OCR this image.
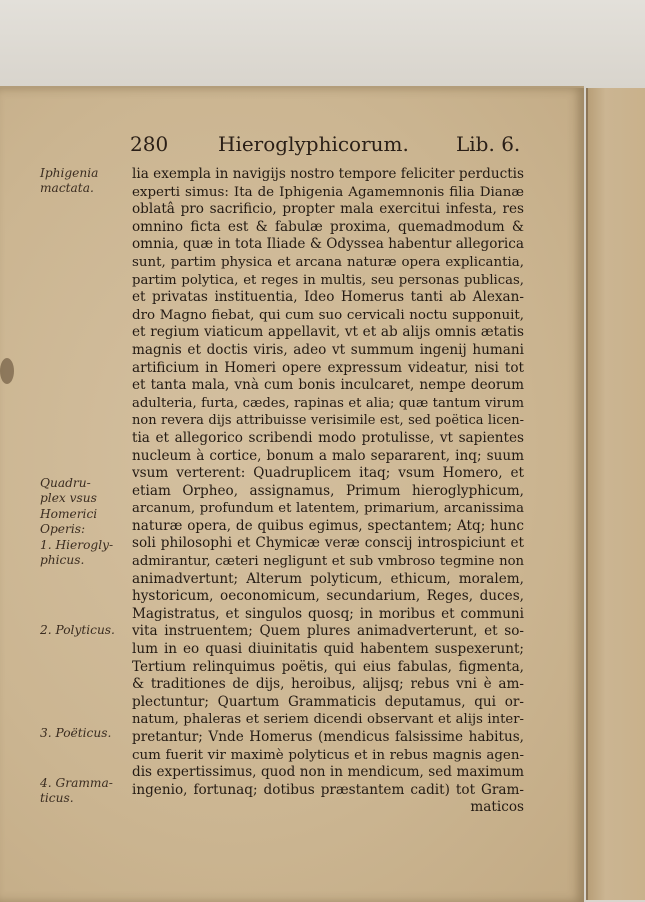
280 Hieroglyphicorum. Lib. 6.
Iphigenia
mactata.
Quadru-
plex vsus
Homerici
Operis:
1. Hierogly-
phicus.
2. Polyticus.
3. Poëticus.
4. Gramma-
ticus.
lia exempla in navigijs nostro tempore feliciter perductis
experti simus: Ita de Iphigenia Agamemnonis filia Dianæ
oblatâ pro sacrificio, propter mala exercitui infesta, res
omnino ficta est & fabulæ proxima, quemadmodum &
omnia, quæ in tota Iliade & Odyssea habentur allegorica
sunt, partim physica et arcana naturæ opera explicantia,
partim polytica, et reges in multis, seu personas publicas,
et privatas instituentia, Ideo Homerus tanti ab Alexan-
dro Magno fiebat, qui cum suo cervicali noctu supponuit,
et regium viaticum appellavit, vt et ab alijs omnis ætatis
magnis et doctis viris, adeo vt summum ingenij humani
artificium in Homeri opere expressum videatur, nisi tot
et tanta mala, vnà cum bonis inculcaret, nempe deorum
adulteria, furta, cædes, rapinas et alia; quæ tantum virum
non revera dijs attribuisse verisimile est, sed poëtica licen-
tia et allegorico scribendi modo protulisse, vt sapientes
nucleum à cortice, bonum a malo separarent, inq; suum
vsum verterent: Quadruplicem itaq; vsum Homero, et
etiam Orpheo, assignamus, Primum hieroglyphicum,
arcanum, profundum et latentem, primarium, arcanissima
naturæ opera, de quibus egimus, spectantem; Atq; hunc
soli philosophi et Chymicæ veræ conscij introspiciunt et
admirantur, cæteri negligunt et sub vmbroso tegmine non
animadvertunt; Alterum polyticum, ethicum, moralem,
hystoricum, oeconomicum, secundarium, Reges, duces,
Magistratus, et singulos quosq; in moribus et communi
vita instruentem; Quem plures animadverterunt, et so-
lum in eo quasi diuinitatis quid habentem suspexerunt;
Tertium relinquimus poëtis, qui eius fabulas, figmenta,
& traditiones de dijs, heroibus, alijsq; rebus vni è am-
plectuntur; Quartum Grammaticis deputamus, qui or-
natum, phaleras et seriem dicendi observant et alijs inter-
pretantur; Vnde Homerus (mendicus falsissime habitus,
cum fuerit vir maximè polyticus et in rebus magnis agen-
dis expertissimus, quod non in mendicum, sed maximum
ingenio, fortunaq; dotibus præstantem cadit) tot Gram-
maticos
